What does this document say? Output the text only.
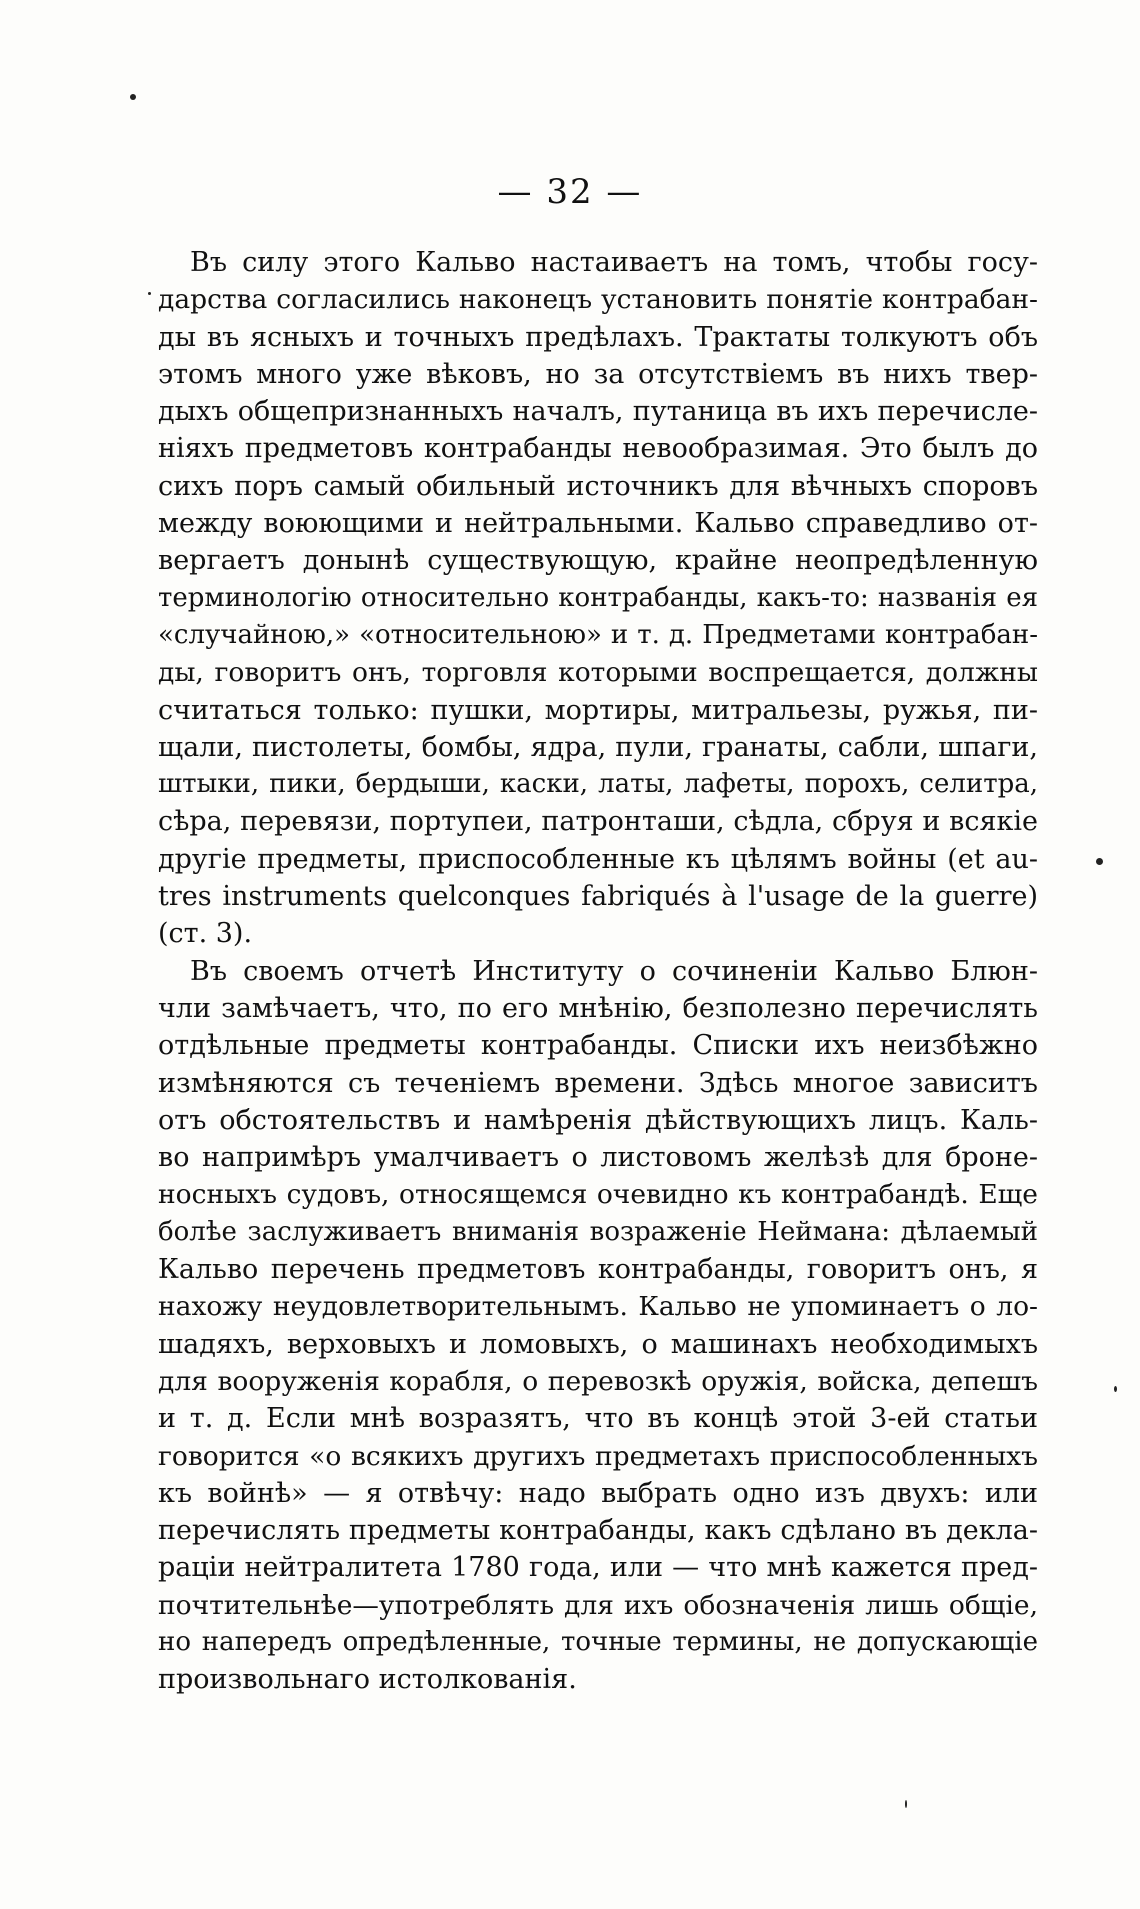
— 32 —
Въ силу этого Кальво настаиваетъ на томъ, чтобы госу-
дарства согласились наконецъ установить понятіе контрабан-
ды въ ясныхъ и точныхъ предѣлахъ. Трактаты толкуютъ объ
этомъ много уже вѣковъ, но за отсутствіемъ въ нихъ твер-
дыхъ общепризнанныхъ началъ, путаница въ ихъ перечисле-
ніяхъ предметовъ контрабанды невообразимая. Это былъ до
сихъ поръ самый обильный источникъ для вѣчныхъ споровъ
между воюющими и нейтральными. Кальво справедливо от-
вергаетъ донынѣ существующую, крайне неопредѣленную
терминологію относительно контрабанды, какъ-то: названія ея
«случайною,» «относительною» и т. д. Предметами контрабан-
ды, говоритъ онъ, торговля которыми воспрещается, должны
считаться только: пушки, мортиры, митральезы, ружья, пи-
щали, пистолеты, бомбы, ядра, пули, гранаты, сабли, шпаги,
штыки, пики, бердыши, каски, латы, лафеты, порохъ, селитра,
сѣра, перевязи, портупеи, патронташи, сѣдла, сбруя и всякіе
другіе предметы, приспособленные къ цѣлямъ войны (et au-
tres instruments quelconques fabriqués à l'usage de la guerre)
(ст. 3).
Въ своемъ отчетѣ Институту о сочиненіи Кальво Блюн-
чли замѣчаетъ, что, по его мнѣнію, безполезно перечислять
отдѣльные предметы контрабанды. Списки ихъ неизбѣжно
измѣняются съ теченіемъ времени. Здѣсь многое зависитъ
отъ обстоятельствъ и намѣренія дѣйствующихъ лицъ. Каль-
во напримѣръ умалчиваетъ о листовомъ желѣзѣ для броне-
носныхъ судовъ, относящемся очевидно къ контрабандѣ. Еще
болѣе заслуживаетъ вниманія возраженіе Неймана: дѣлаемый
Кальво перечень предметовъ контрабанды, говоритъ онъ, я
нахожу неудовлетворительнымъ. Кальво не упоминаетъ о ло-
шадяхъ, верховыхъ и ломовыхъ, о машинахъ необходимыхъ
для вооруженія корабля, о перевозкѣ оружія, войска, депешъ
и т. д. Если мнѣ возразятъ, что въ концѣ этой 3-ей статьи
говорится «о всякихъ другихъ предметахъ приспособленныхъ
къ войнѣ» — я отвѣчу: надо выбрать одно изъ двухъ: или
перечислять предметы контрабанды, какъ сдѣлано въ декла-
раціи нейтралитета 1780 года, или — что мнѣ кажется пред-
почтительнѣе—употреблять для ихъ обозначенія лишь общіе,
но напередъ опредѣленные, точные термины, не допускающіе
произвольнаго истолкованія.
